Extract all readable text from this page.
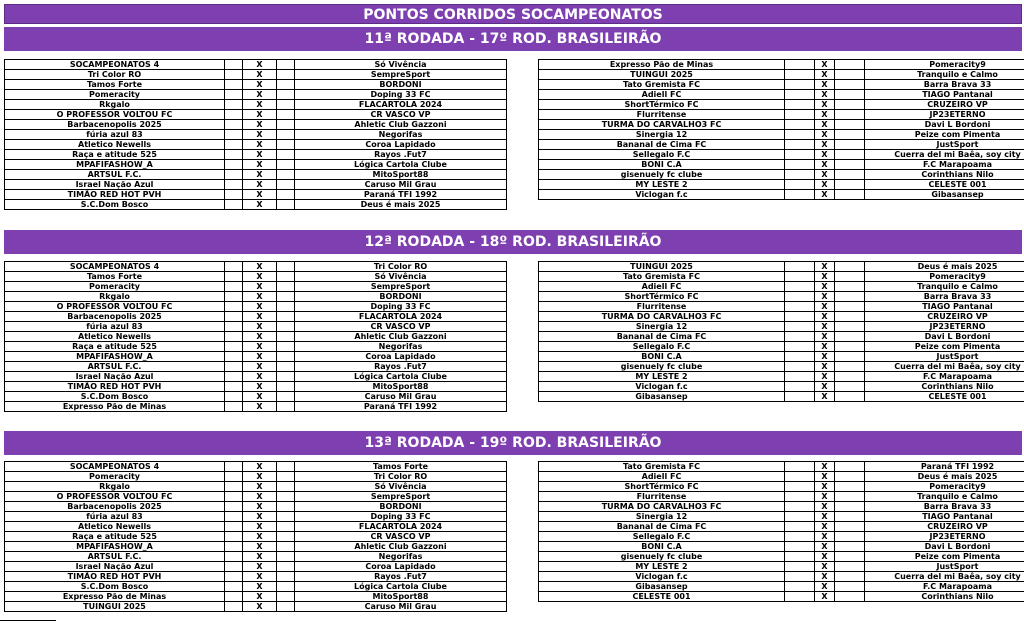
PONTOS CORRIDOS SOCAMPEONATOS
11ª RODADA - 17º ROD. BRASILEIRÃO
SOCAMPEONATOS 4		X		Só Vivência
Tri Color RO		X		SempreSport
Tamos Forte		X		BORDONI
Pomeracity		X		Doping 33 FC
Rkgalo		X		FLACARTOLA 2024
O PROFESSOR VOLTOU FC		X		CR VASCO VP
Barbacenopolis 2025		X		Ahletic Club Gazzoni
fúria azul 83		X		Negorifas
Atletico Newells		X		Coroa Lapidado
Raça e atitude 525		X		Rayos .Fut7
MPAFIFASHOW_A		X		Lógica Cartola Clube
ARTSUL F.C.		X		MitoSport88
Israel Nação Azul		X		Caruso Mil Grau
TIMÃO RED HOT PVH		X		Paraná TFI 1992
S.C.Dom Bosco		X		Deus é mais 2025
Expresso Pão de Minas		X		Pomeracity9
TUINGUI 2025		X		Tranquilo e Calmo
Tato Gremista FC		X		Barra Brava 33
Adiell FC		X		TIAGO Pantanal
ShortTérmico FC		X		CRUZEIRO VP
Flurritense		X		JP23ETERNO
TURMA DO CARVALHO3 FC		X		Davi L Bordoni
Sinergia 12		X		Peize com Pimenta
Bananal de Cima FC		X		JustSport
Sellegalo F.C		X		Cuerra del mi Baêa, soy city
BONI C.A		X		F.C Marapoama
gisenuely fc clube		X		Corinthians Nilo
MY LESTE 2		X		CELESTE 001
Viclogan f.c		X		Gibasansep
12ª RODADA - 18º ROD. BRASILEIRÃO
SOCAMPEONATOS 4		X		Tri Color RO
Tamos Forte		X		Só Vivência
Pomeracity		X		SempreSport
Rkgalo		X		BORDONI
O PROFESSOR VOLTOU FC		X		Doping 33 FC
Barbacenopolis 2025		X		FLACARTOLA 2024
fúria azul 83		X		CR VASCO VP
Atletico Newells		X		Ahletic Club Gazzoni
Raça e atitude 525		X		Negorifas
MPAFIFASHOW_A		X		Coroa Lapidado
ARTSUL F.C.		X		Rayos .Fut7
Israel Nação Azul		X		Lógica Cartola Clube
TIMÃO RED HOT PVH		X		MitoSport88
S.C.Dom Bosco		X		Caruso Mil Grau
Expresso Pão de Minas		X		Paraná TFI 1992
TUINGUI 2025		X		Deus é mais 2025
Tato Gremista FC		X		Pomeracity9
Adiell FC		X		Tranquilo e Calmo
ShortTérmico FC		X		Barra Brava 33
Flurritense		X		TIAGO Pantanal
TURMA DO CARVALHO3 FC		X		CRUZEIRO VP
Sinergia 12		X		JP23ETERNO
Bananal de Cima FC		X		Davi L Bordoni
Sellegalo F.C		X		Peize com Pimenta
BONI C.A		X		JustSport
gisenuely fc clube		X		Cuerra del mi Baêa, soy city
MY LESTE 2		X		F.C Marapoama
Viclogan f.c		X		Corinthians Nilo
Gibasansep		X		CELESTE 001
13ª RODADA - 19º ROD. BRASILEIRÃO
SOCAMPEONATOS 4		X		Tamos Forte
Pomeracity		X		Tri Color RO
Rkgalo		X		Só Vivência
O PROFESSOR VOLTOU FC		X		SempreSport
Barbacenopolis 2025		X		BORDONI
fúria azul 83		X		Doping 33 FC
Atletico Newells		X		FLACARTOLA 2024
Raça e atitude 525		X		CR VASCO VP
MPAFIFASHOW_A		X		Ahletic Club Gazzoni
ARTSUL F.C.		X		Negorifas
Israel Nação Azul		X		Coroa Lapidado
TIMÃO RED HOT PVH		X		Rayos .Fut7
S.C.Dom Bosco		X		Lógica Cartola Clube
Expresso Pão de Minas		X		MitoSport88
TUINGUI 2025		X		Caruso Mil Grau
Tato Gremista FC		X		Paraná TFI 1992
Adiell FC		X		Deus é mais 2025
ShortTérmico FC		X		Pomeracity9
Flurritense		X		Tranquilo e Calmo
TURMA DO CARVALHO3 FC		X		Barra Brava 33
Sinergia 12		X		TIAGO Pantanal
Bananal de Cima FC		X		CRUZEIRO VP
Sellegalo F.C		X		JP23ETERNO
BONI C.A		X		Davi L Bordoni
gisenuely fc clube		X		Peize com Pimenta
MY LESTE 2		X		JustSport
Viclogan f.c		X		Cuerra del mi Baêa, soy city
Gibasansep		X		F.C Marapoama
CELESTE 001		X		Corinthians Nilo
